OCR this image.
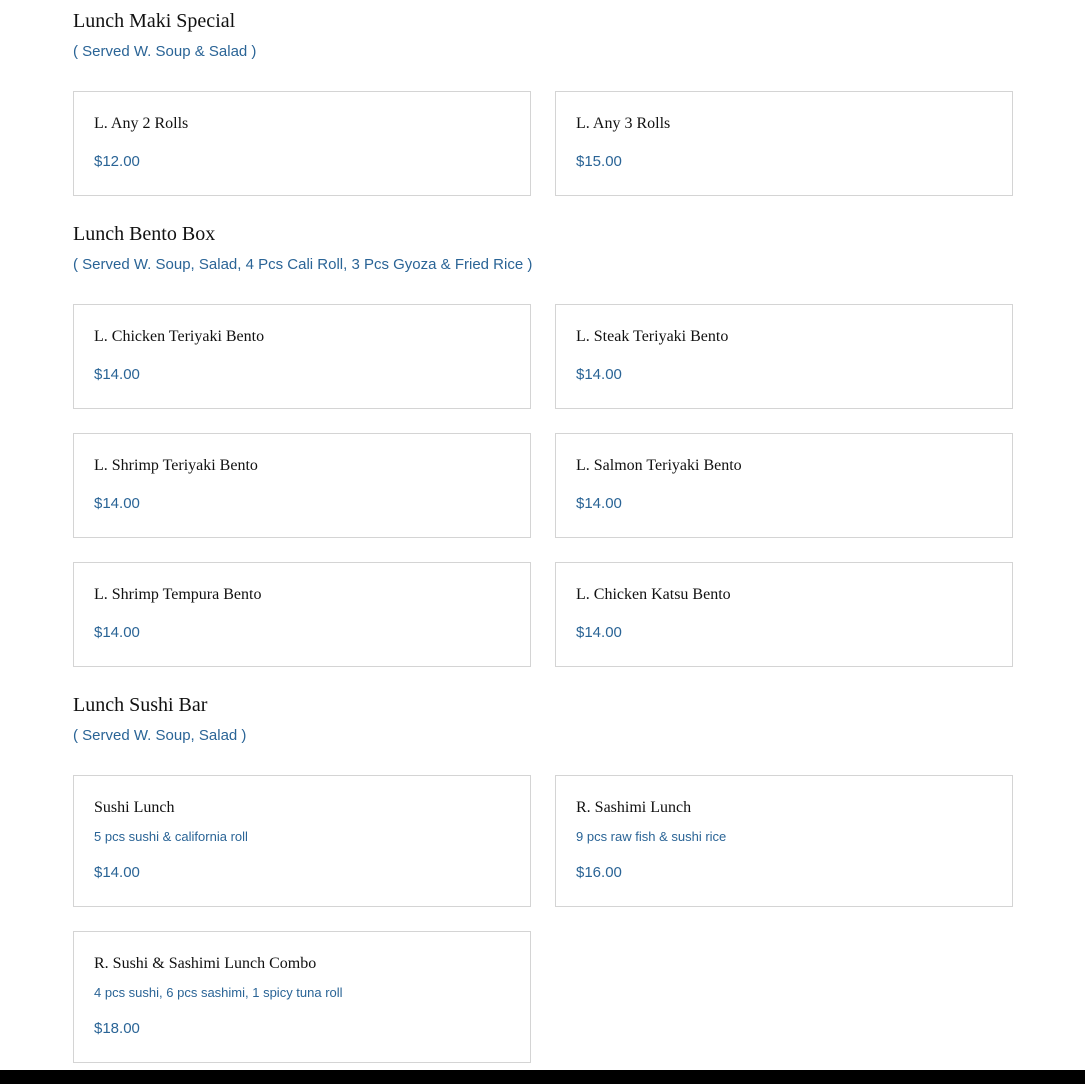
Lunch Maki Special

( Served W. Soup & Salad )

L. Any 2 Rolls
$12.00
L. Any 3 Rolls
$15.00
Lunch Bento Box

( Served W. Soup, Salad, 4 Pcs Cali Roll, 3 Pcs Gyoza & Fried Rice )

L. Chicken Teriyaki Bento
$14.00
L. Steak Teriyaki Bento
$14.00
L. Shrimp Teriyaki Bento
$14.00
L. Salmon Teriyaki Bento
$14.00
L. Shrimp Tempura Bento
$14.00
L. Chicken Katsu Bento
$14.00
Lunch Sushi Bar

( Served W. Soup, Salad )

Sushi Lunch
5 pcs sushi & california roll
$14.00
R. Sashimi Lunch
9 pcs raw fish & sushi rice
$16.00
R. Sushi & Sashimi Lunch Combo
4 pcs sushi, 6 pcs sashimi, 1 spicy tuna roll
$18.00
